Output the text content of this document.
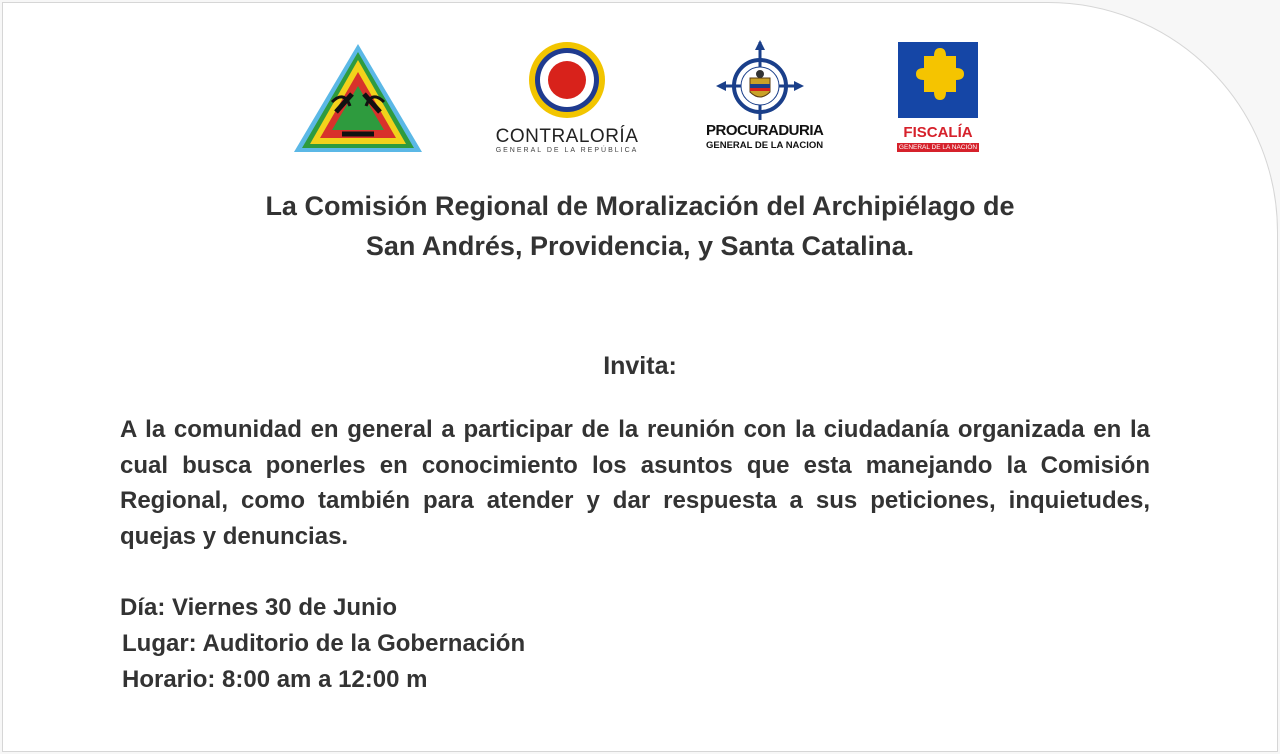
CONTRALORÍA
GENERAL DE LA REPÚBLICA
PROCURADURIA
GENERAL DE LA NACION
FISCALÍA
GENERAL DE LA NACIÓN
La Comisión Regional de Moralización del Archipiélago de
San Andrés, Providencia, y Santa Catalina.
Invita:
A la comunidad en general a participar de la reunión con la ciudadanía organizada en la cual busca ponerles en conocimiento los asuntos que esta manejando la Comisión Regional, como también para atender y dar respuesta a sus peticiones, inquietudes, quejas y denuncias.
Día: Viernes 30 de Junio
Lugar: Auditorio de la Gobernación
Horario: 8:00 am a 12:00 m
